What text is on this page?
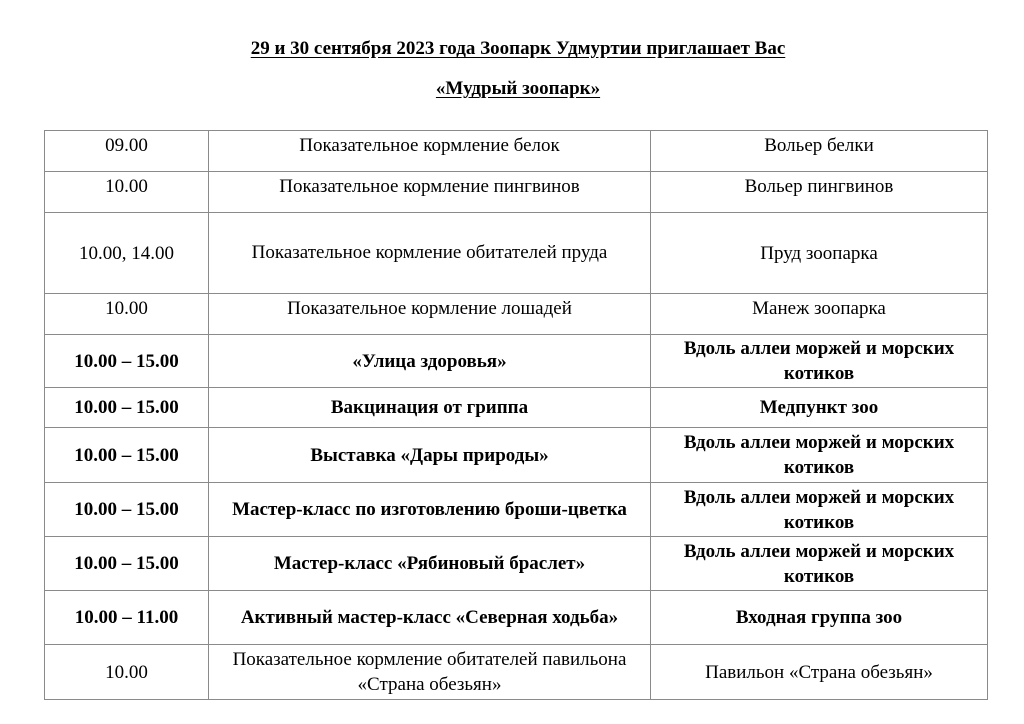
29 и 30 сентября 2023 года Зоопарк Удмуртии приглашает Вас
«Мудрый зоопарк»
09.00	Показательное кормление белок	Вольер белки
10.00	Показательное кормление пингвинов	Вольер пингвинов
10.00, 14.00	Показательное кормление обитателей пруда	Пруд зоопарка
10.00	Показательное кормление лошадей	Манеж зоопарка
10.00 – 15.00	«Улица здоровья»	Вдоль аллеи моржей и морских котиков
10.00 – 15.00	Вакцинация от гриппа	Медпункт зоо
10.00 – 15.00	Выставка «Дары природы»	Вдоль аллеи моржей и морских котиков
10.00 – 15.00	Мастер-класс по изготовлению броши-цветка	Вдоль аллеи моржей и морских котиков
10.00 – 15.00	Мастер-класс «Рябиновый браслет»	Вдоль аллеи моржей и морских котиков
10.00 – 11.00	Активный мастер-класс «Северная ходьба»	Входная группа зоо
10.00	Показательное кормление обитателей павильона «Страна обезьян»	Павильон «Страна обезьян»
